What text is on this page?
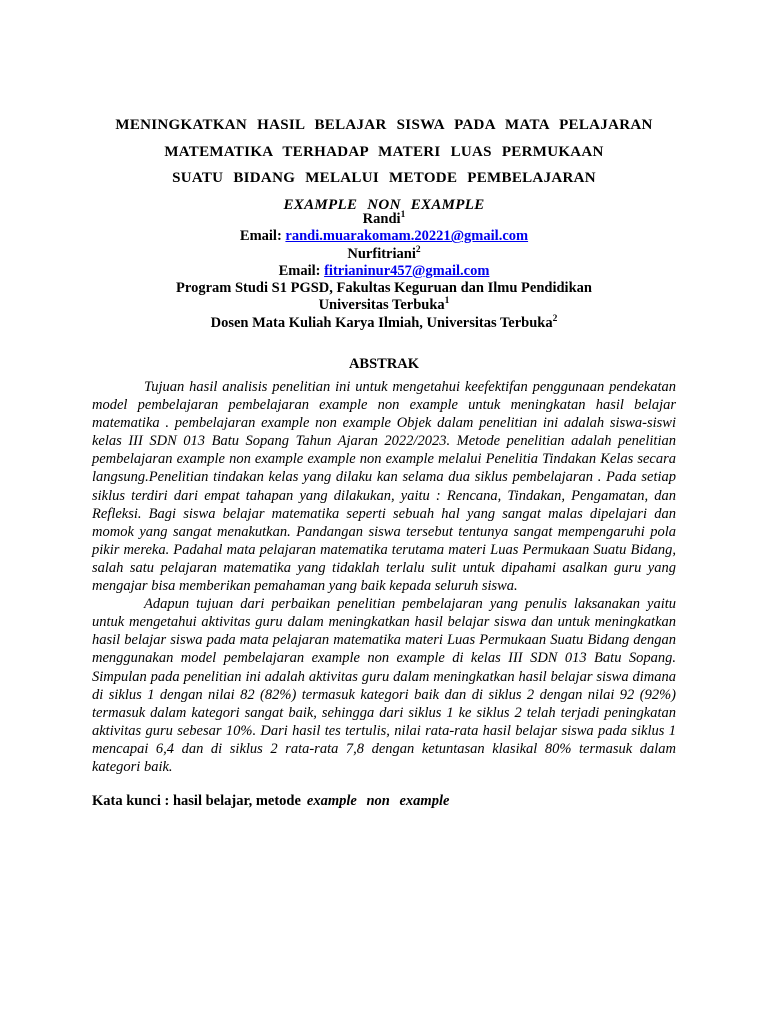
MENINGKATKAN HASIL BELAJAR SISWA PADA MATA PELAJARAN
MATEMATIKA TERHADAP MATERI LUAS PERMUKAAN
SUATU BIDANG MELALUI METODE PEMBELAJARAN
EXAMPLE NON EXAMPLE
Randi$^1$
Email: randi.muarakomam.20221@gmail.com
Nurfitriani$^2$
Email: fitrianinur457@gmail.com
Program Studi S1 PGSD, Fakultas Keguruan dan Ilmu Pendidikan
Universitas Terbuka$^1$
Dosen Mata Kuliah Karya Ilmiah, Universitas Terbuka$^2$
ABSTRAK

Tujuan hasil analisis penelitian ini untuk mengetahui keefektifan penggunaan pendekatan model pembelajaran pembelajaran example non example untuk meningkatan hasil belajar matematika . pembelajaran example non example Objek dalam penelitian ini adalah siswa-siswi kelas III SDN 013 Batu Sopang Tahun Ajaran 2022/2023. Metode penelitian adalah penelitian pembelajaran example non example example non example melalui Penelitia Tindakan Kelas secara langsung.Penelitian tindakan kelas yang dilaku kan selama dua siklus pembelajaran . Pada setiap siklus terdiri dari empat tahapan yang dilakukan, yaitu : Rencana, Tindakan, Pengamatan, dan Refleksi. Bagi siswa belajar matematika seperti sebuah hal yang sangat malas dipelajari dan momok yang sangat menakutkan. Pandangan siswa tersebut tentunya sangat mempengaruhi pola pikir mereka. Padahal mata pelajaran matematika terutama materi Luas Permukaan Suatu Bidang, salah satu pelajaran matematika yang tidaklah terlalu sulit untuk dipahami asalkan guru yang mengajar bisa memberikan pemahaman yang baik kepada seluruh siswa.

Adapun tujuan dari perbaikan penelitian pembelajaran yang penulis laksanakan yaitu untuk mengetahui aktivitas guru dalam meningkatkan hasil belajar siswa dan untuk meningkatkan hasil belajar siswa pada mata pelajaran matematika materi Luas Permukaan Suatu Bidang dengan menggunakan model pembelajaran example non example di kelas III SDN 013 Batu Sopang. Simpulan pada penelitian ini adalah aktivitas guru dalam meningkatkan hasil belajar siswa dimana di siklus 1 dengan nilai 82 (82%) termasuk kategori baik dan di siklus 2 dengan nilai 92 (92%) termasuk dalam kategori sangat baik, sehingga dari siklus 1 ke siklus 2 telah terjadi peningkatan aktivitas guru sebesar 10%. Dari hasil tes tertulis, nilai rata-rata hasil belajar siswa pada siklus 1 mencapai 6,4 dan di siklus 2 rata-rata 7,8 dengan ketuntasan klasikal 80% termasuk dalam kategori baik.

Kata kunci : hasil belajar, metode example non example
